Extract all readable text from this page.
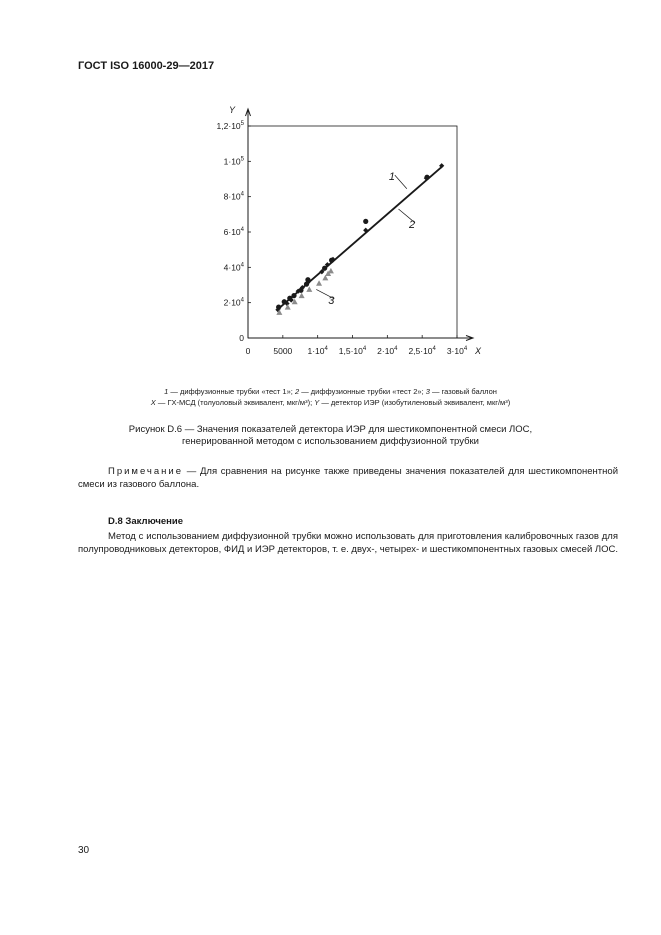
ГОСТ ISO 16000-29—2017
Y
X
0	5000 $1\cdot 10^4$ $1,5\cdot 10^4$ $2\cdot 10^4$ $2,5\cdot 10^4$ $3\cdot 10^4$
0
$2\cdot 10^4$
$4\cdot 10^4$
$6\cdot 10^4$
$8\cdot 10^4$
$1\cdot 10^5$
$1,2\cdot 10^5$
1
2
3
1 — диффузионные трубки «тест 1»; 2 — диффузионные трубки «тест 2»; 3 — газовый баллон
X — ГХ-МСД (толуоловый эквивалент, мкг/м³); Y — детектор ИЭР (изобутиленовый эквивалент, мкг/м³)
Рисунок D.6 — Значения показателей детектора ИЭР для шестикомпонентной смеси ЛОС,
генерированной методом с использованием диффузионной трубки
Примечание — Для сравнения на рисунке также приведены значения показателей для шестикомпонентной смеси из газового баллона.
D.8 Заключение
Метод с использованием диффузионной трубки можно использовать для приготовления калибровочных газов для полупроводниковых детекторов, ФИД и ИЭР детекторов, т. е. двух-, четырех- и шестикомпонентных газовых смесей ЛОС.
30
